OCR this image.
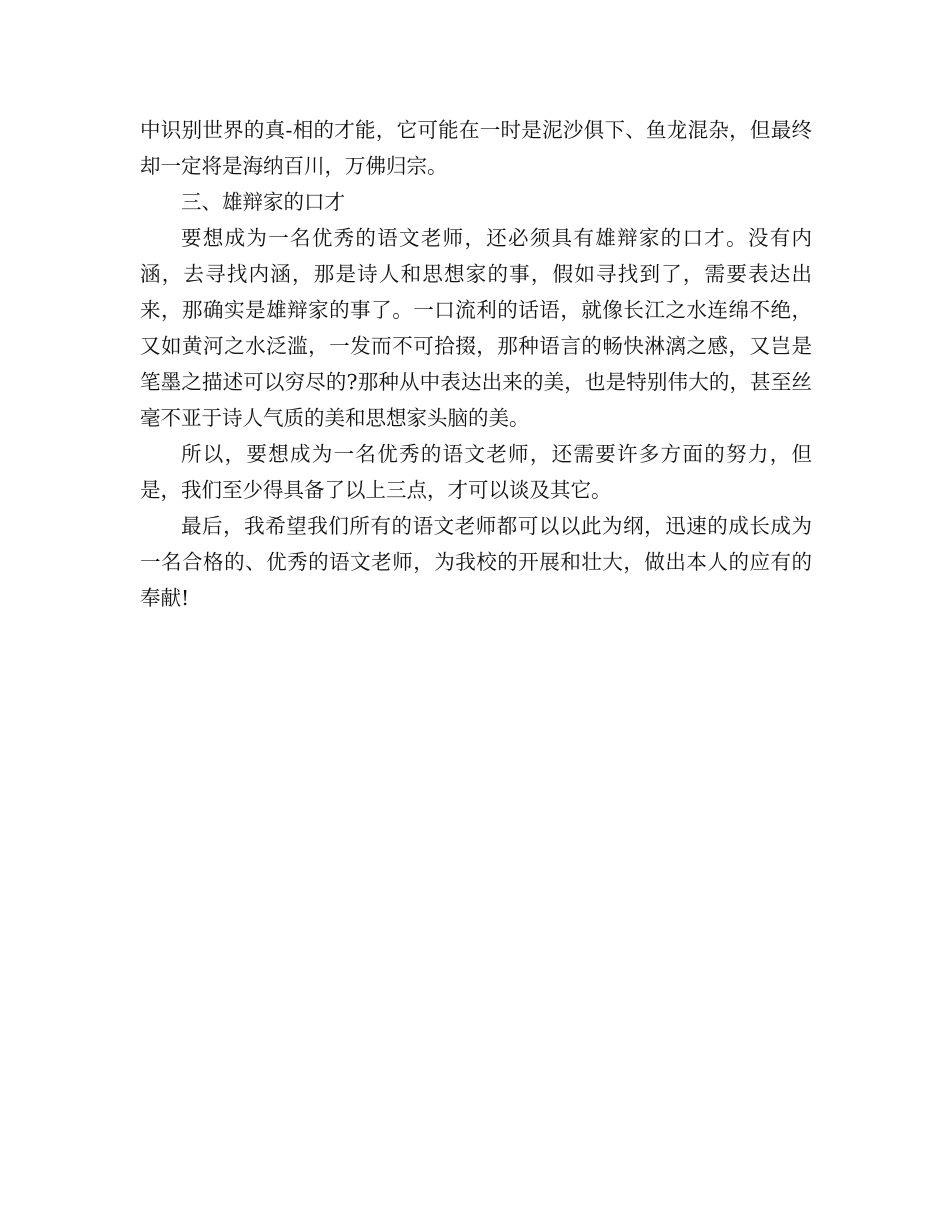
中识别世界的真-相的才能，它可能在一时是泥沙俱下、鱼龙混杂，但最终却一定将是海纳百川，万佛归宗。

三、雄辩家的口才

要想成为一名优秀的语文老师，还必须具有雄辩家的口才。没有内涵，去寻找内涵，那是诗人和思想家的事，假如寻找到了，需要表达出来，那确实是雄辩家的事了。一口流利的话语，就像长江之水连绵不绝，又如黄河之水泛滥，一发而不可拾掇，那种语言的畅快淋漓之感，又岂是笔墨之描述可以穷尽的?那种从中表达出来的美，也是特别伟大的，甚至丝毫不亚于诗人气质的美和思想家头脑的美。

所以，要想成为一名优秀的语文老师，还需要许多方面的努力，但是，我们至少得具备了以上三点，才可以谈及其它。

最后，我希望我们所有的语文老师都可以以此为纲，迅速的成长成为一名合格的、优秀的语文老师，为我校的开展和壮大，做出本人的应有的奉献!
